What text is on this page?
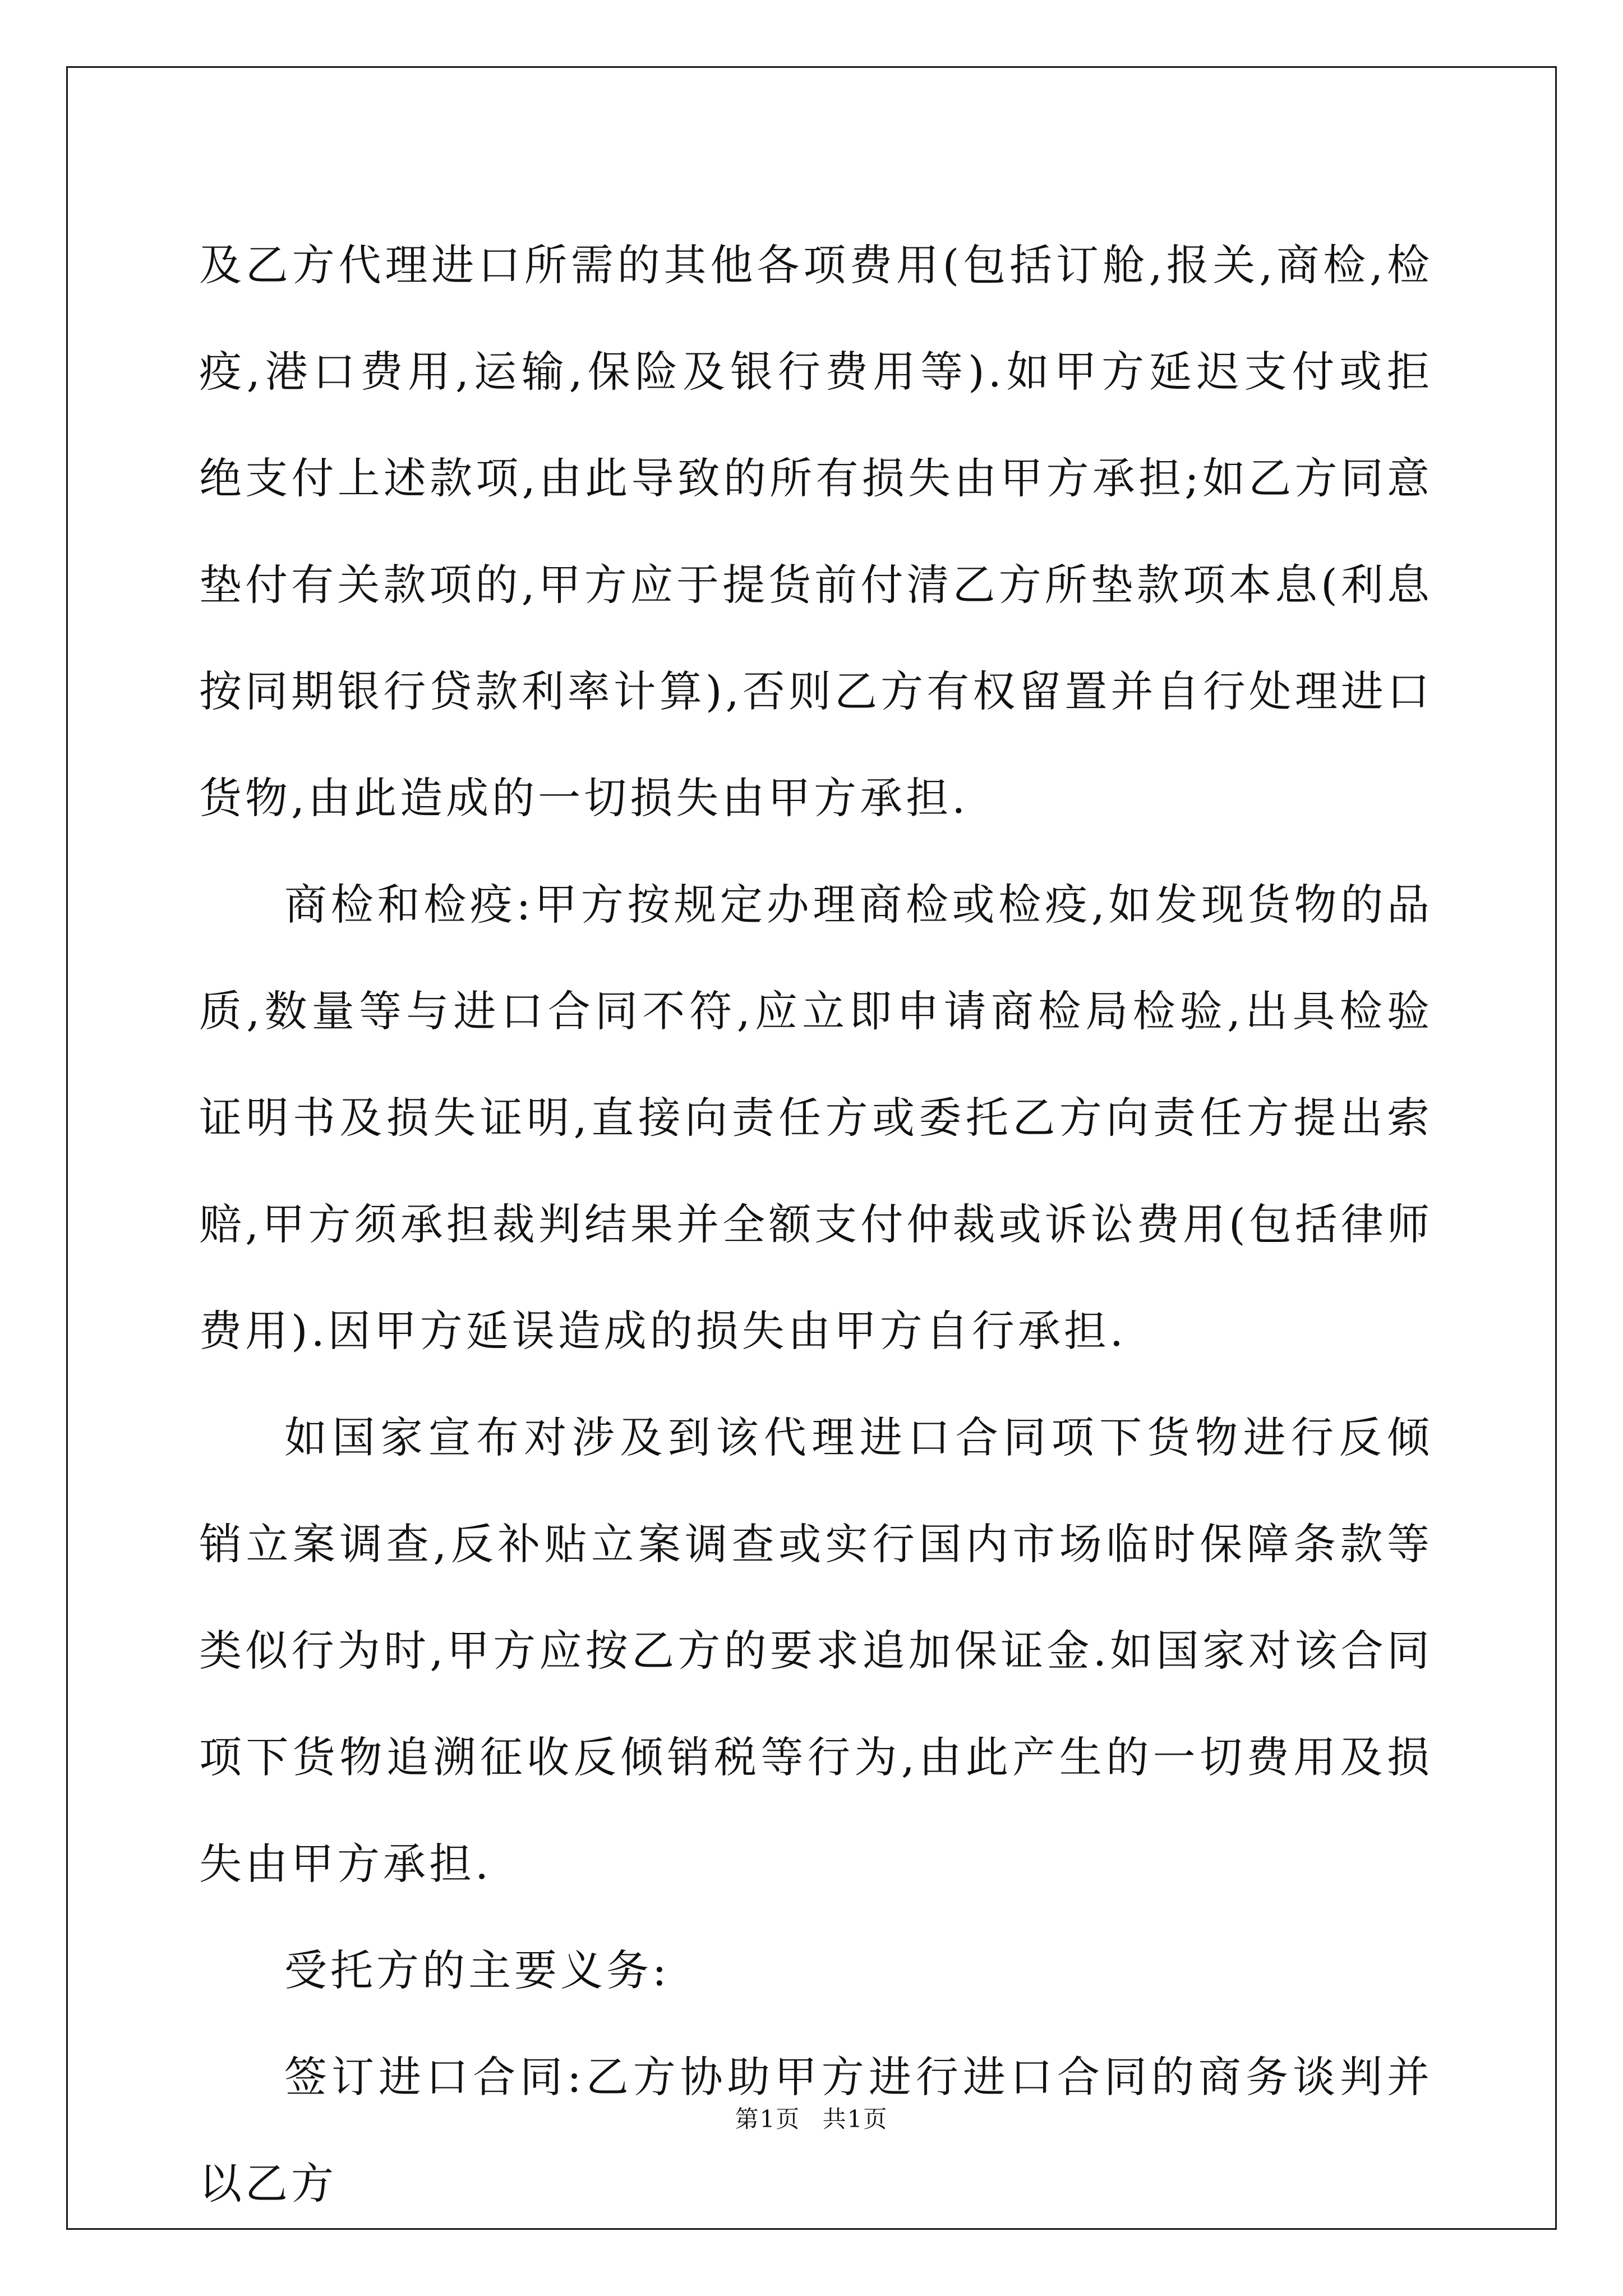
及乙方代理进口所需的其他各项费用(包括订舱,报关,商检,检疫,港口费用,运输,保险及银行费用等).如甲方延迟支付或拒绝支付上述款项,由此导致的所有损失由甲方承担;如乙方同意垫付有关款项的,甲方应于提货前付清乙方所垫款项本息(利息按同期银行贷款利率计算),否则乙方有权留置并自行处理进口货物,由此造成的一切损失由甲方承担.

商检和检疫:甲方按规定办理商检或检疫,如发现货物的品质,数量等与进口合同不符,应立即申请商检局检验,出具检验证明书及损失证明,直接向责任方或委托乙方向责任方提出索赔,甲方须承担裁判结果并全额支付仲裁或诉讼费用(包括律师费用).因甲方延误造成的损失由甲方自行承担.

如国家宣布对涉及到该代理进口合同项下货物进行反倾销立案调查,反补贴立案调查或实行国内市场临时保障条款等类似行为时,甲方应按乙方的要求追加保证金.如国家对该合同项下货物追溯征收反倾销税等行为,由此产生的一切费用及损失由甲方承担.

受托方的主要义务:

签订进口合同:乙方协助甲方进行进口合同的商务谈判并以乙方

第1页 共1页
